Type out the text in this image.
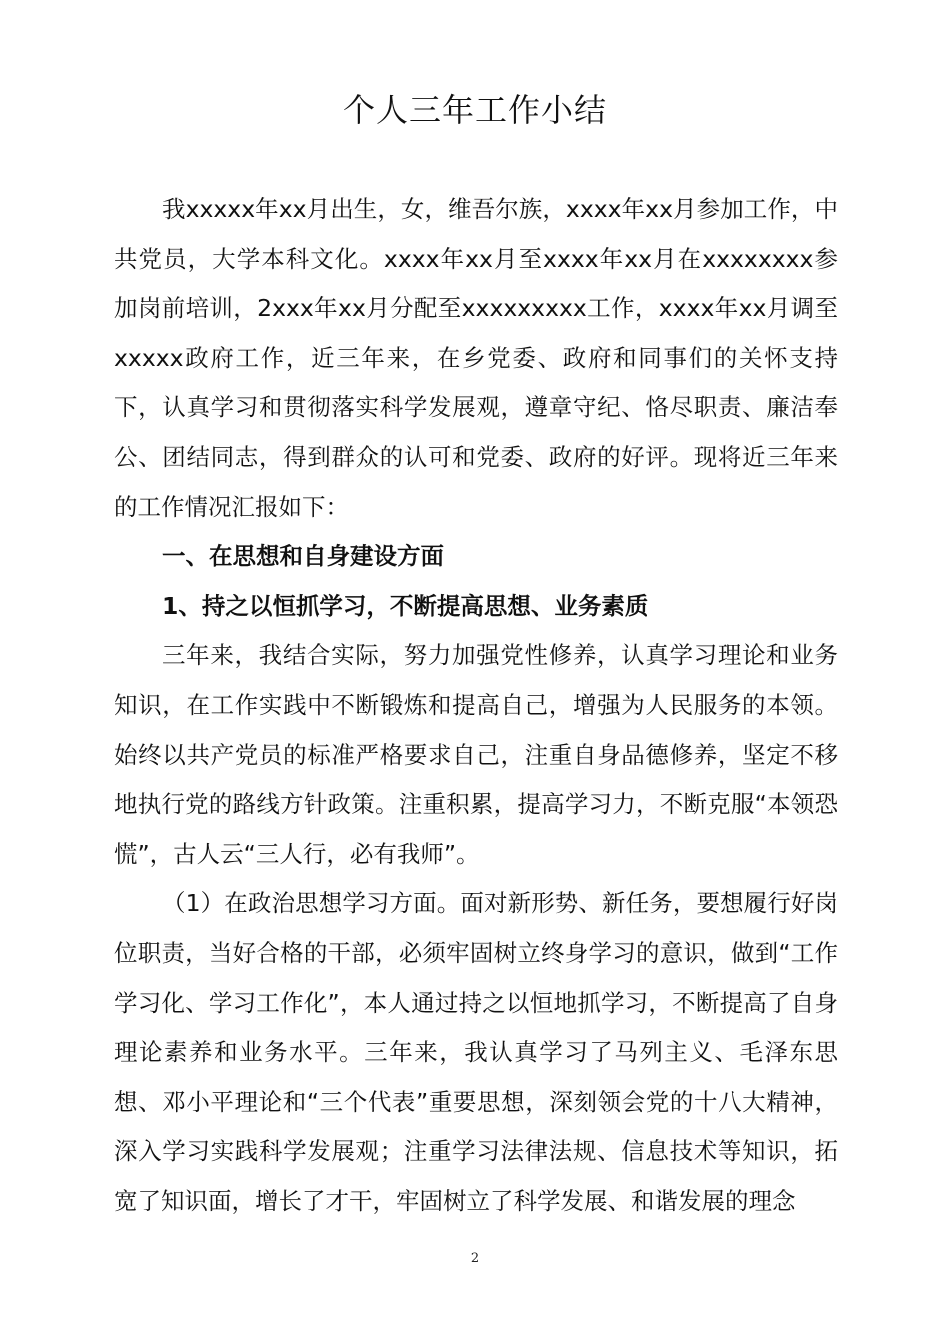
个人三年工作小结

我xxxxx年xx月出生，女，维吾尔族，xxxx年xx月参加工作，中共党员，大学本科文化。xxxx年xx月至xxxx年xx月在xxxxxxxx参加岗前培训，2xxx年xx月分配至xxxxxxxxx工作，xxxx年xx月调至xxxxx政府工作，近三年来，在乡党委、政府和同事们的关怀支持下，认真学习和贯彻落实科学发展观，遵章守纪、恪尽职责、廉洁奉公、团结同志，得到群众的认可和党委、政府的好评。现将近三年来的工作情况汇报如下：

一、在思想和自身建设方面

1、持之以恒抓学习，不断提高思想、业务素质

三年来，我结合实际，努力加强党性修养，认真学习理论和业务知识，在工作实践中不断锻炼和提高自己，增强为人民服务的本领。始终以共产党员的标准严格要求自己，注重自身品德修养，坚定不移地执行党的路线方针政策。注重积累，提高学习力，不断克服“本领恐慌”，古人云“三人行，必有我师”。

（1）在政治思想学习方面。面对新形势、新任务，要想履行好岗位职责，当好合格的干部，必须牢固树立终身学习的意识，做到“工作学习化、学习工作化”，本人通过持之以恒地抓学习，不断提高了自身理论素养和业务水平。三年来，我认真学习了马列主义、毛泽东思想、邓小平理论和“三个代表”重要思想，深刻领会党的十八大精神，深入学习实践科学发展观；注重学习法律法规、信息技术等知识，拓宽了知识面，增长了才干，牢固树立了科学发展、和谐发展的理念

2
